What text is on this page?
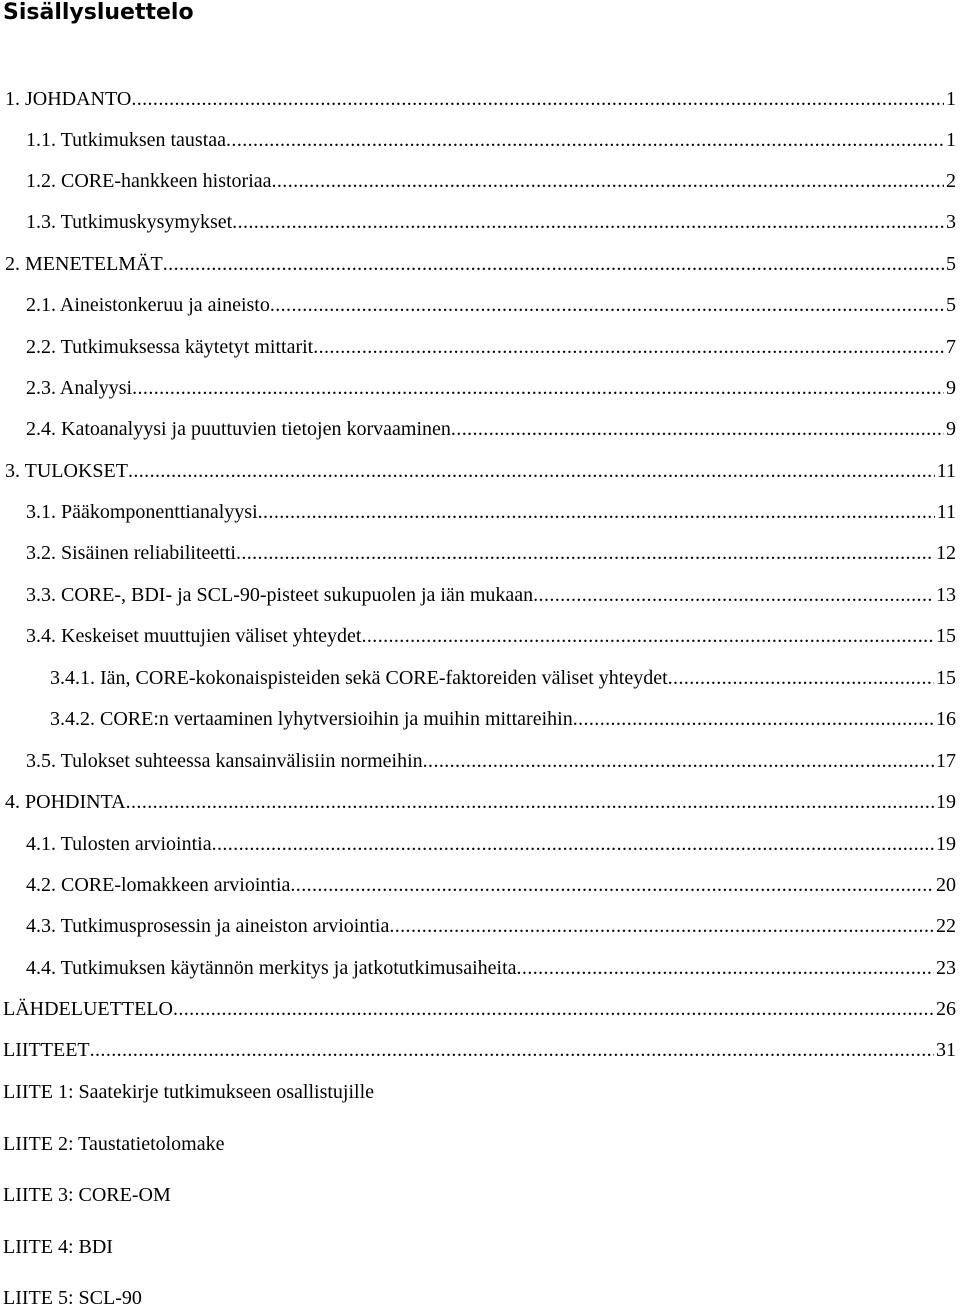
Sisällysluettelo
1. JOHDANTO . . .	1
1.1. Tutkimuksen taustaa . . .	1
1.2. CORE-hankkeen historiaa . . .	2
1.3. Tutkimuskysymykset . . .	3
2. MENETELMÄT . . .	5
2.1. Aineistonkeruu ja aineisto . . .	5
2.2. Tutkimuksessa käytetyt mittarit . . .	7
2.3. Analyysi . . .	9
2.4. Katoanalyysi ja puuttuvien tietojen korvaaminen . . .	9
3. TULOKSET . . .	11
3.1. Pääkomponenttianalyysi . . .	11
3.2. Sisäinen reliabiliteetti . . .	12
3.3. CORE-, BDI- ja SCL-90-pisteet sukupuolen ja iän mukaan . . .	13
3.4. Keskeiset muuttujien väliset yhteydet . . .	15
3.4.1. Iän, CORE-kokonaispisteiden sekä CORE-faktoreiden väliset yhteydet . . .	15
3.4.2. CORE:n vertaaminen lyhytversioihin ja muihin mittareihin . . .	16
3.5. Tulokset suhteessa kansainvälisiin normeihin . . .	17
4. POHDINTA . . .	19
4.1. Tulosten arviointia . . .	19
4.2. CORE-lomakkeen arviointia . . .	20
4.3. Tutkimusprosessin ja aineiston arviointia . . .	22
4.4. Tutkimuksen käytännön merkitys ja jatkotutkimusaiheita . . .	23
LÄHDELUETTELO . . .	26
LIITTEET . . .	31
LIITE 1: Saatekirje tutkimukseen osallistujille
LIITE 2: Taustatietolomake
LIITE 3: CORE-OM
LIITE 4: BDI
LIITE 5: SCL-90
